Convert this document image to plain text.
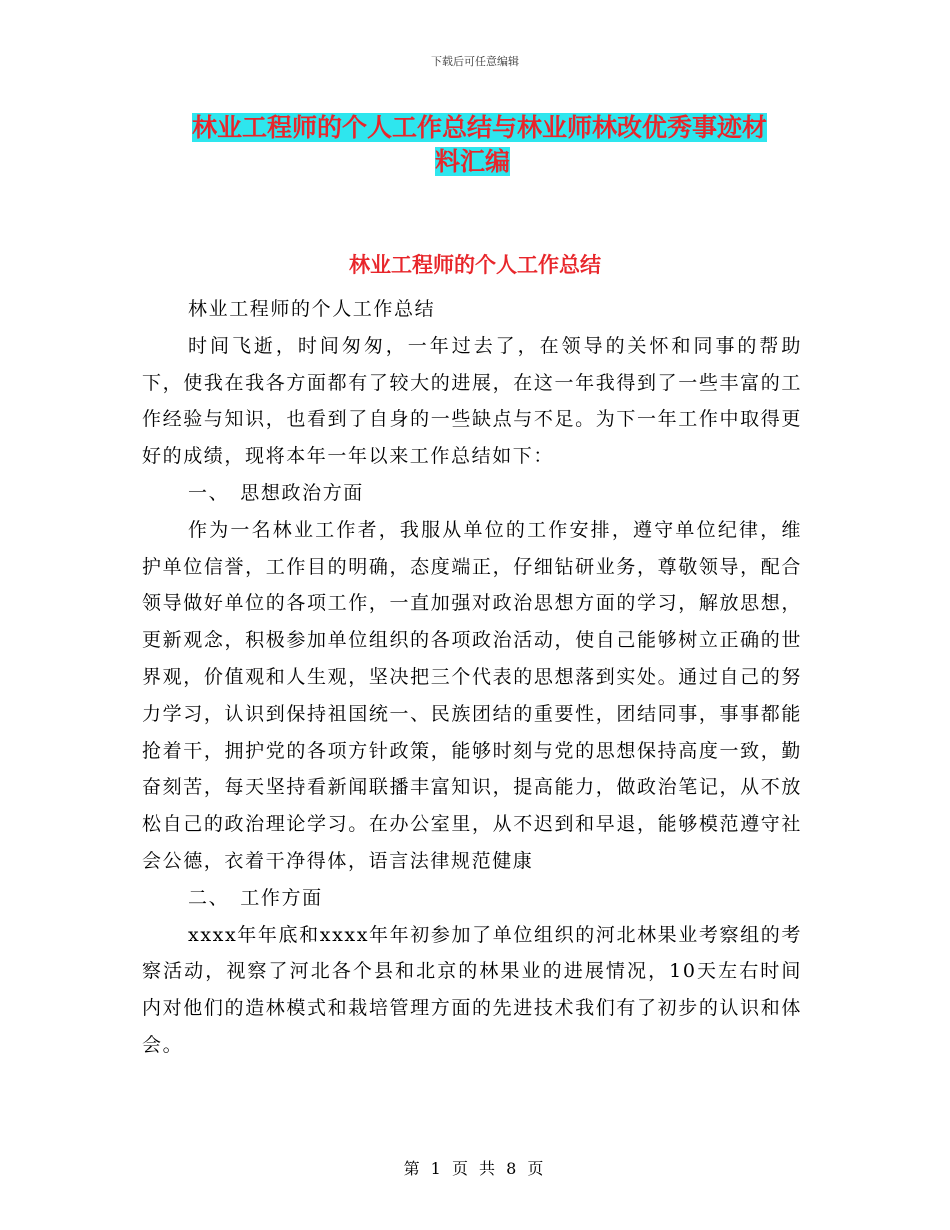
下载后可任意编辑
林业工程师的个人工作总结与林业师林改优秀事迹材
料汇编
林业工程师的个人工作总结

林业工程师的个人工作总结

时间飞逝，时间匆匆，一年过去了，在领导的关怀和同事的帮助下，使我在我各方面都有了较大的进展，在这一年我得到了一些丰富的工作经验与知识，也看到了自身的一些缺点与不足。为下一年工作中取得更好的成绩，现将本年一年以来工作总结如下：

一、　思想政治方面

作为一名林业工作者，我服从单位的工作安排，遵守单位纪律，维护单位信誉，工作目的明确，态度端正，仔细钻研业务，尊敬领导，配合领导做好单位的各项工作，一直加强对政治思想方面的学习，解放思想，更新观念，积极参加单位组织的各项政治活动，使自己能够树立正确的世界观，价值观和人生观，坚决把三个代表的思想落到实处。通过自己的努力学习，认识到保持祖国统一、民族团结的重要性，团结同事，事事都能抢着干，拥护党的各项方针政策，能够时刻与党的思想保持高度一致，勤奋刻苦，每天坚持看新闻联播丰富知识，提高能力，做政治笔记，从不放松自己的政治理论学习。在办公室里，从不迟到和早退，能够模范遵守社会公德，衣着干净得体，语言法律规范健康

二、　工作方面

xxxx年年底和xxxx年年初参加了单位组织的河北林果业考察组的考察活动，视察了河北各个县和北京的林果业的进展情况，10天左右时间内对他们的造林模式和栽培管理方面的先进技术我们有了初步的认识和体会。

第 1 页 共 8 页
